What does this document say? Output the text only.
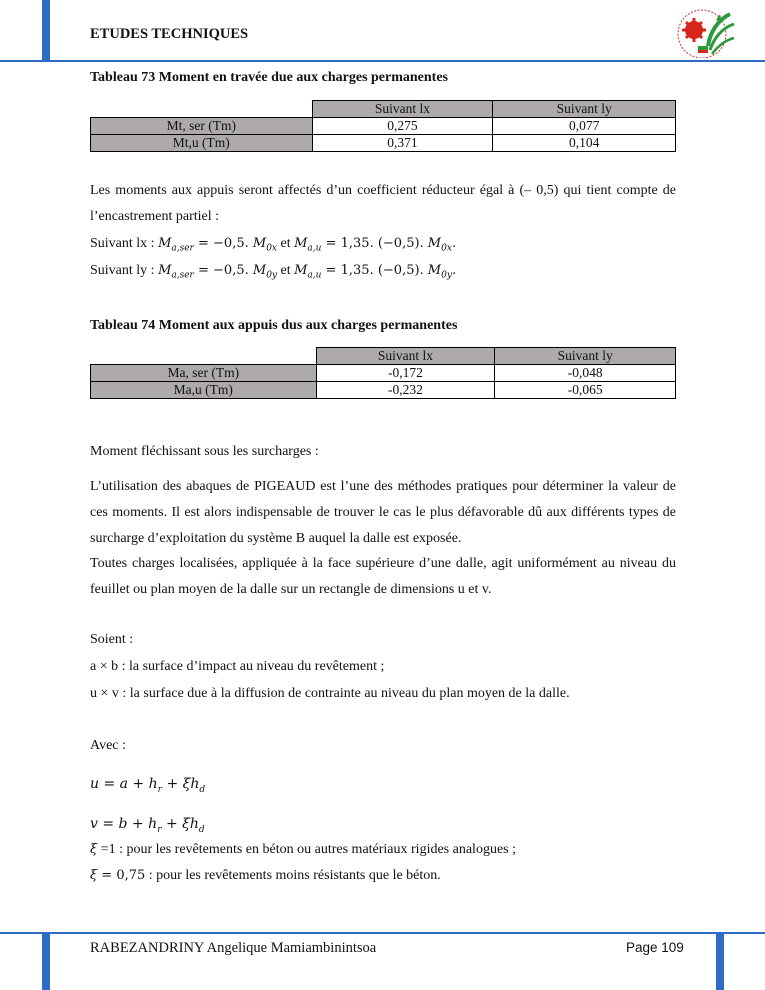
ETUDES TECHNIQUES
Tableau 73 Moment en travée due aux charges permanentes
	Suivant lx	Suivant ly
Mt, ser (Tm)	0,275	0,077
Mt,u (Tm)	0,371	0,104
Les moments aux appuis seront affectés d’un coefficient réducteur égal à (– 0,5) qui tient compte de l’encastrement partiel :
Suivant lx : $M_{a,ser} = -0,5$. $M_{0x}$ et $M_{a,u} = 1,35$. (−0,5). $M_{0x}$.
Suivant ly : $M_{a,ser} = -0,5$. $M_{0y}$ et $M_{a,u} = 1,35$. (−0,5). $M_{0y}$.
Tableau 74 Moment aux appuis dus aux charges permanentes
	Suivant lx	Suivant ly
Ma, ser (Tm)	-0,172	-0,048
Ma,u (Tm)	-0,232	-0,065
Moment fléchissant sous les surcharges :
L’utilisation des abaques de PIGEAUD est l’une des méthodes pratiques pour déterminer la valeur de ces moments. Il est alors indispensable de trouver le cas le plus défavorable dû aux différents types de surcharge d’exploitation du système B auquel la dalle est exposée.
Toutes charges localisées, appliquée à la face supérieure d’une dalle, agit uniformément au niveau du feuillet ou plan moyen de la dalle sur un rectangle de dimensions u et v.
Soient :
a × b : la surface d’impact au niveau du revêtement ;
u × v : la surface due à la diffusion de contrainte au niveau du plan moyen de la dalle.
Avec :
$u = a + h_r + \xi h_d$
$v = b + h_r + \xi h_d$
ξ =1 : pour les revêtements en béton ou autres matériaux rigides analogues ;
ξ = 0,75 : pour les revêtements moins résistants que le béton.
RABEZANDRINY Angelique Mamiambinintsoa	Page 109
